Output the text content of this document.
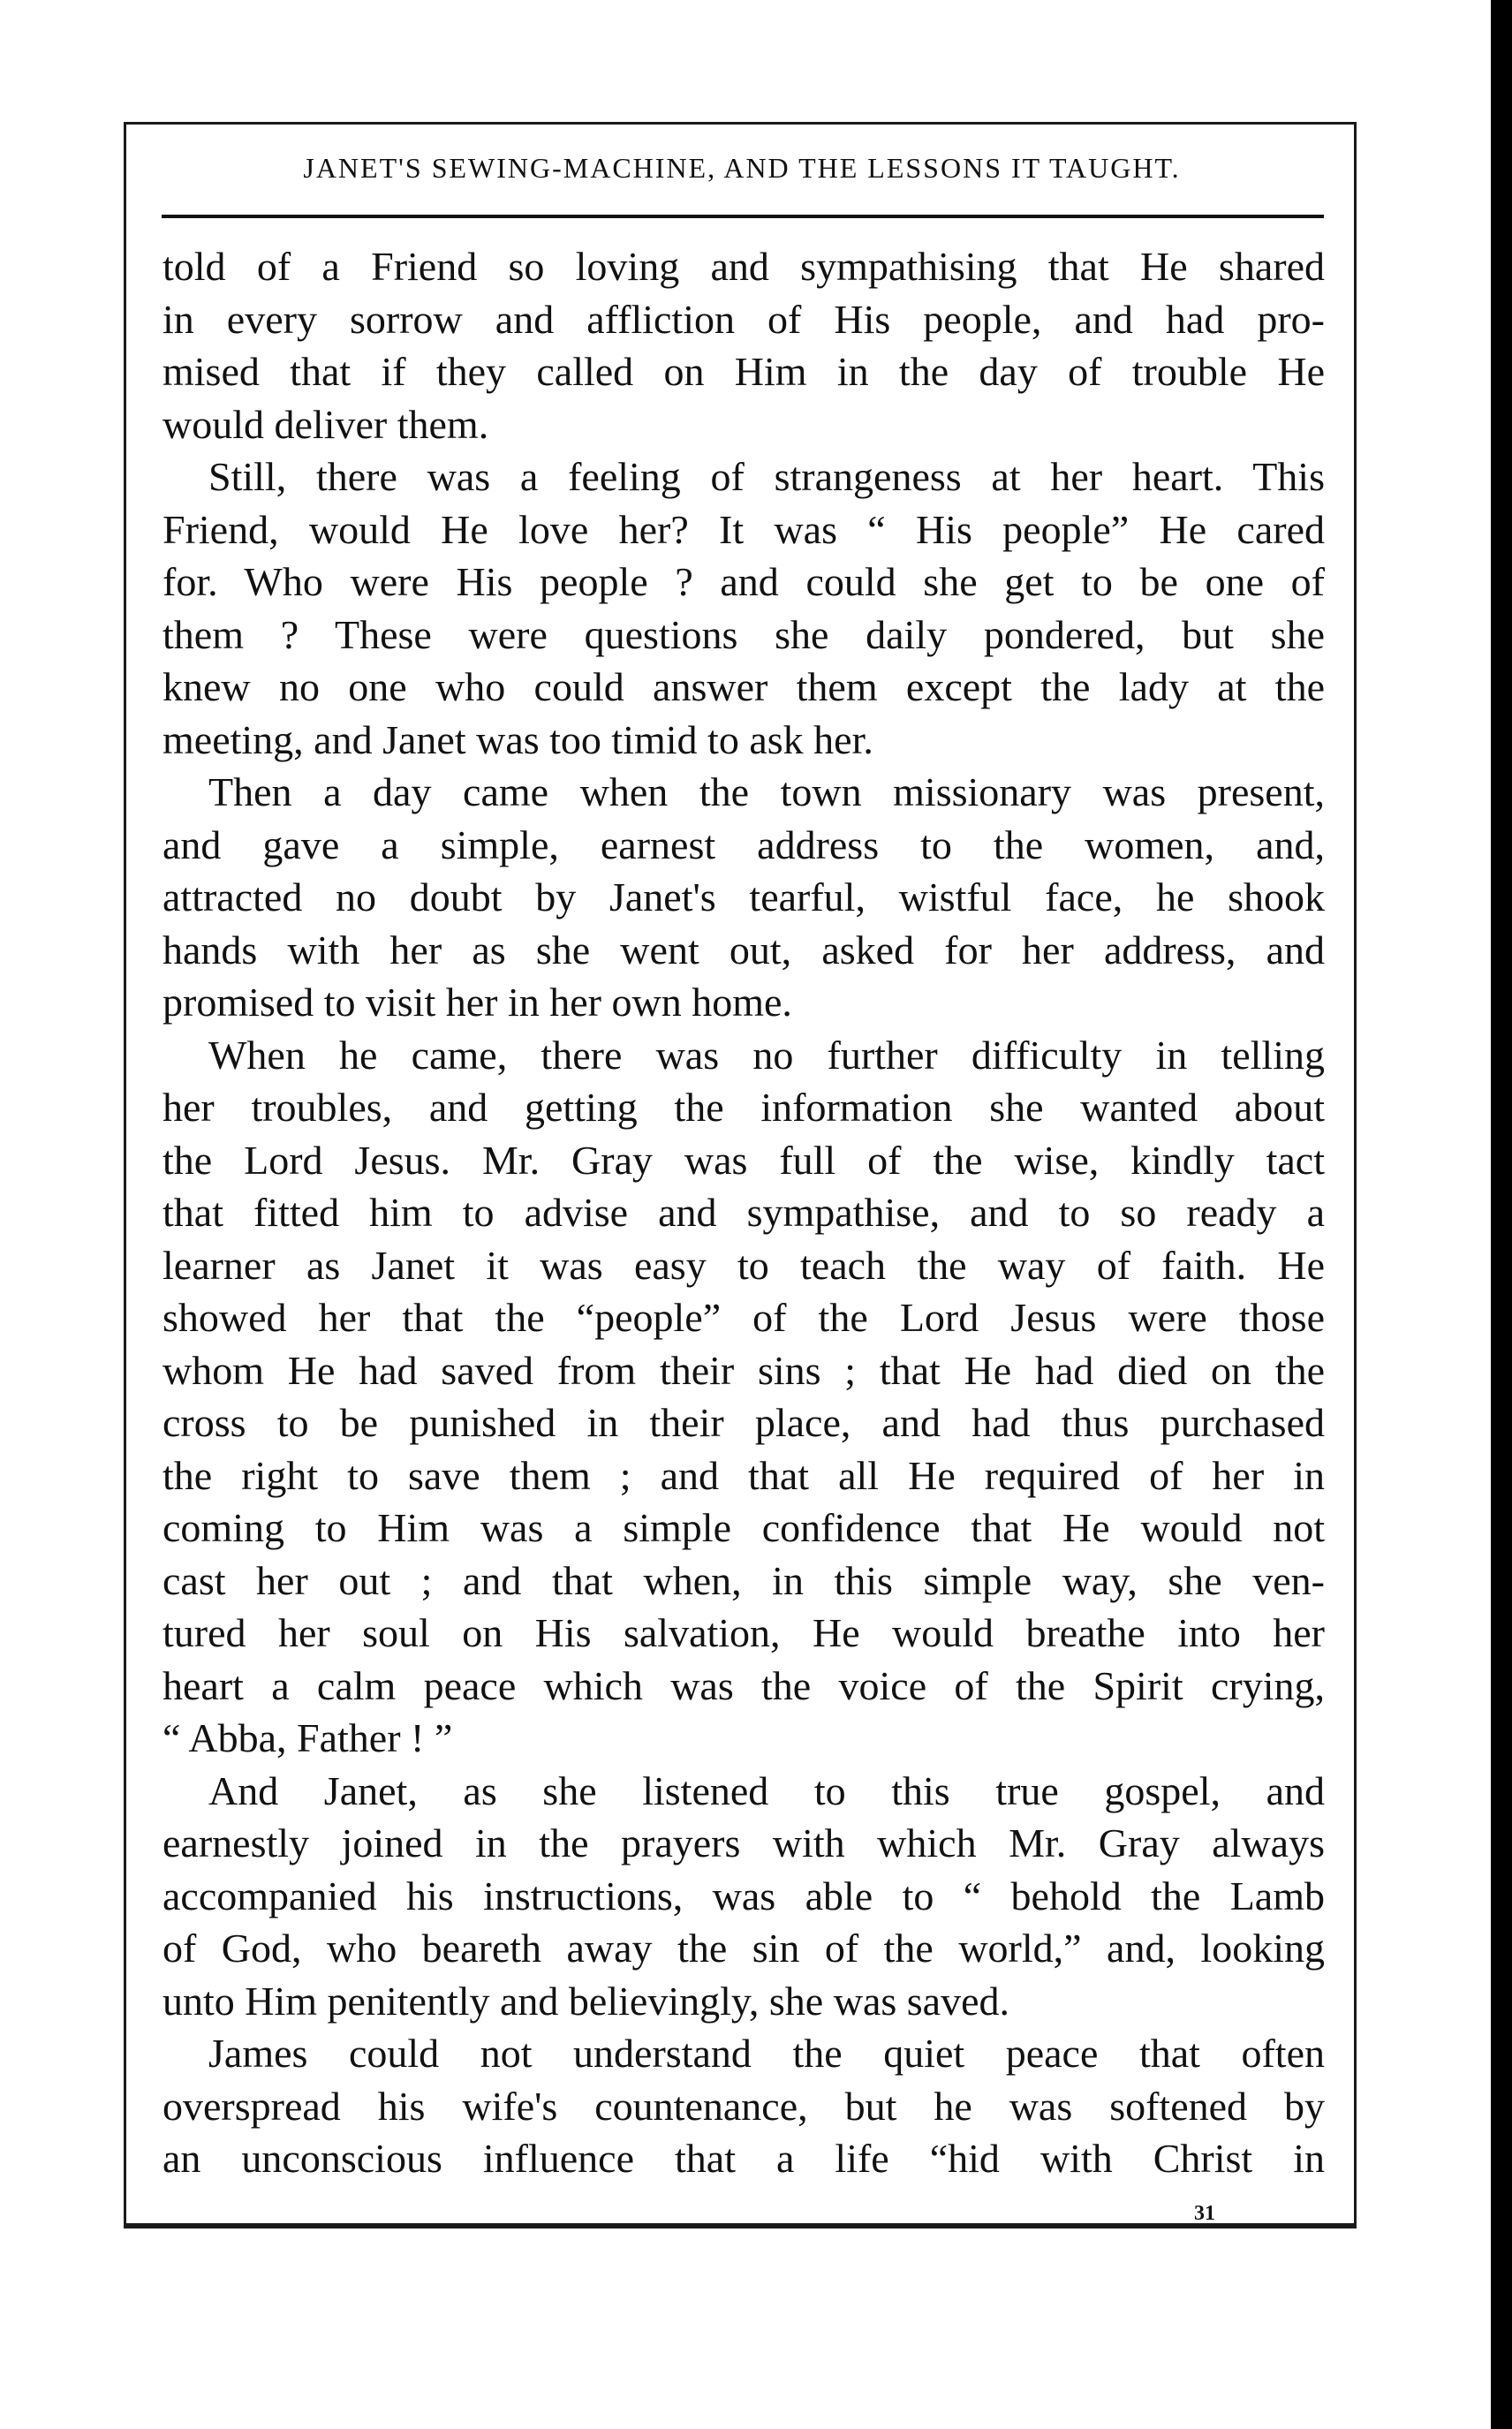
JANET'S SEWING-MACHINE, AND THE LESSONS IT TAUGHT.
told of a Friend so loving and sympathising that He shared
in every sorrow and affliction of His people, and had pro-
mised that if they called on Him in the day of trouble He
would deliver them.
Still, there was a feeling of strangeness at her heart. This
Friend, would He love her? It was “ His people” He cared
for. Who were His people ? and could she get to be one of
them ? These were questions she daily pondered, but she
knew no one who could answer them except the lady at the
meeting, and Janet was too timid to ask her.
Then a day came when the town missionary was present,
and gave a simple, earnest address to the women, and,
attracted no doubt by Janet's tearful, wistful face, he shook
hands with her as she went out, asked for her address, and
promised to visit her in her own home.
When he came, there was no further difficulty in telling
her troubles, and getting the information she wanted about
the Lord Jesus. Mr. Gray was full of the wise, kindly tact
that fitted him to advise and sympathise, and to so ready a
learner as Janet it was easy to teach the way of faith. He
showed her that the “people” of the Lord Jesus were those
whom He had saved from their sins ; that He had died on the
cross to be punished in their place, and had thus purchased
the right to save them ; and that all He required of her in
coming to Him was a simple confidence that He would not
cast her out ; and that when, in this simple way, she ven-
tured her soul on His salvation, He would breathe into her
heart a calm peace which was the voice of the Spirit crying,
“ Abba, Father ! ”
And Janet, as she listened to this true gospel, and
earnestly joined in the prayers with which Mr. Gray always
accompanied his instructions, was able to “ behold the Lamb
of God, who beareth away the sin of the world,” and, looking
unto Him penitently and believingly, she was saved.
James could not understand the quiet peace that often
overspread his wife's countenance, but he was softened by
an unconscious influence that a life “hid with Christ in
31
